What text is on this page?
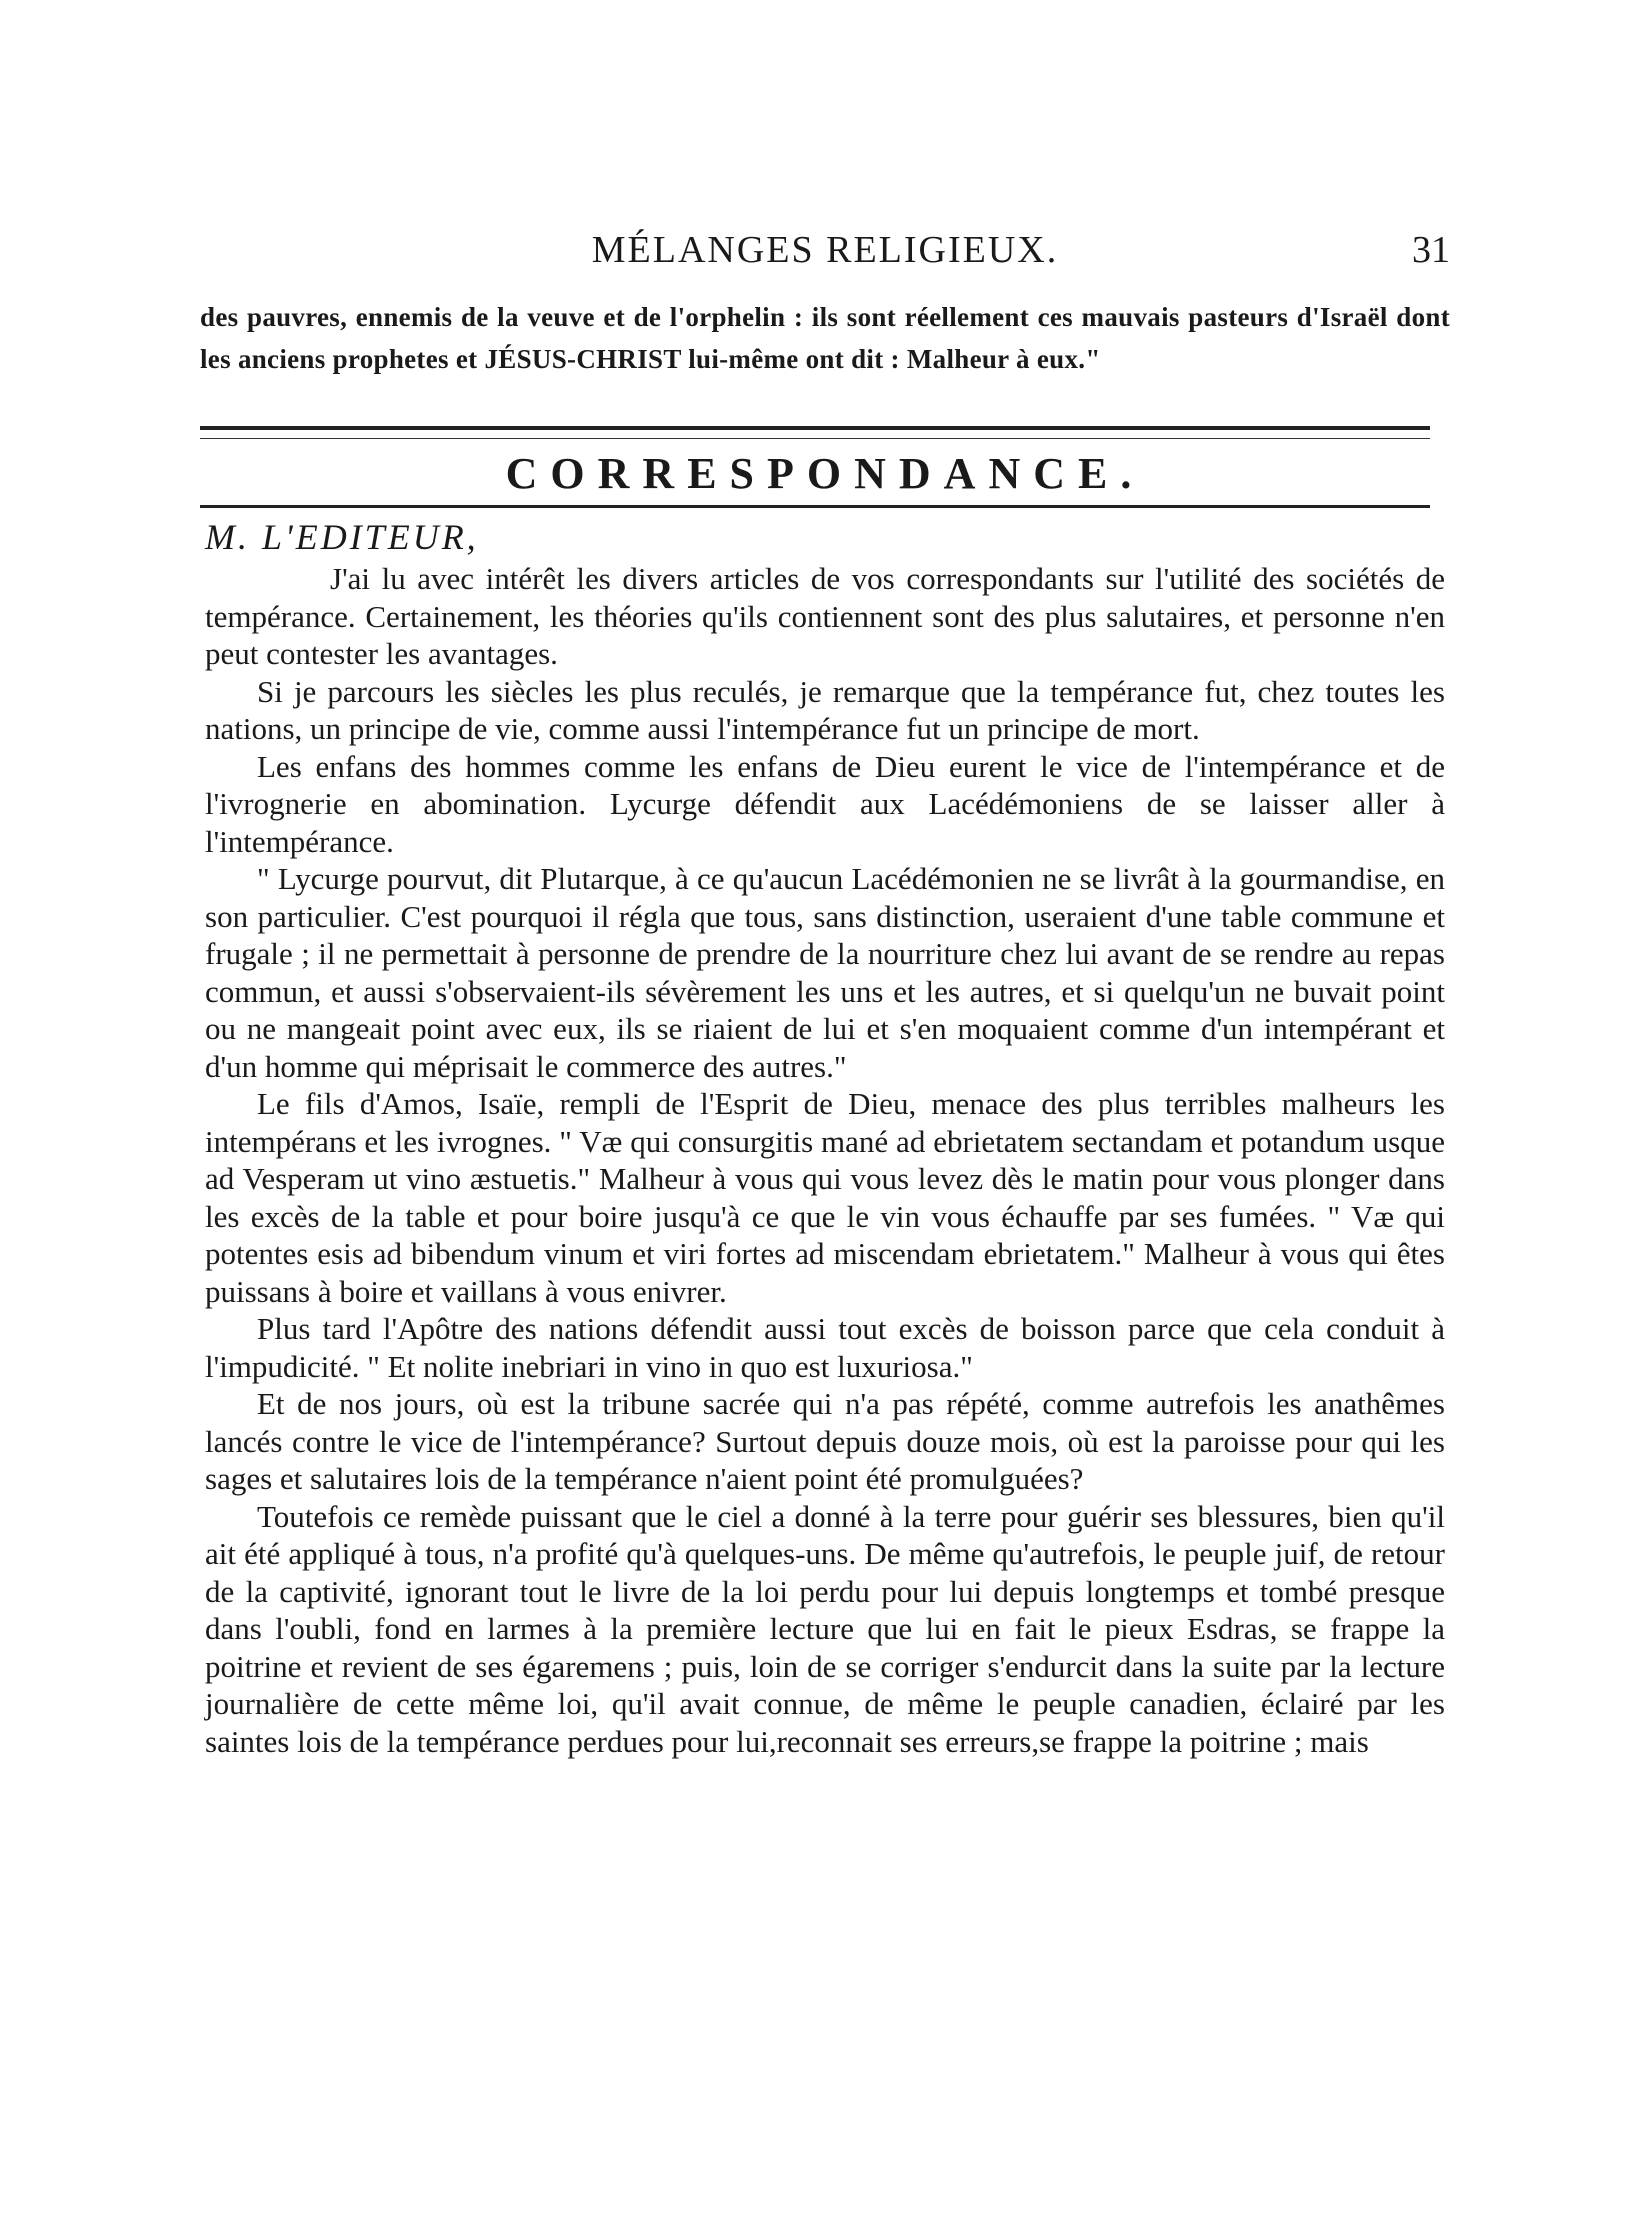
MÉLANGES RELIGIEUX.	31
des pauvres, ennemis de la veuve et de l'orphelin : ils sont réellement ces mauvais pasteurs d'Israël dont les anciens prophetes et JÉSUS-CHRIST lui-même ont dit : Malheur à eux."
CORRESPONDANCE.
M. L'EDITEUR,

J'ai lu avec intérêt les divers articles de vos correspondants sur l'utilité des sociétés de tempérance. Certainement, les théories qu'ils contiennent sont des plus salutaires, et personne n'en peut contester les avantages.

Si je parcours les siècles les plus reculés, je remarque que la tempérance fut, chez toutes les nations, un principe de vie, comme aussi l'intempérance fut un principe de mort.

Les enfans des hommes comme les enfans de Dieu eurent le vice de l'intempérance et de l'ivrognerie en abomination. Lycurge défendit aux Lacédémoniens de se laisser aller à l'intempérance.

" Lycurge pourvut, dit Plutarque, à ce qu'aucun Lacédémonien ne se livrât à la gourmandise, en son particulier. C'est pourquoi il régla que tous, sans distinction, useraient d'une table commune et frugale ; il ne permettait à personne de prendre de la nourriture chez lui avant de se rendre au repas commun, et aussi s'observaient-ils sévèrement les uns et les autres, et si quelqu'un ne buvait point ou ne mangeait point avec eux, ils se riaient de lui et s'en moquaient comme d'un intempérant et d'un homme qui méprisait le commerce des autres."

Le fils d'Amos, Isaïe, rempli de l'Esprit de Dieu, menace des plus terribles malheurs les intempérans et les ivrognes. " Væ qui consurgitis mané ad ebrietatem sectandam et potandum usque ad Vesperam ut vino æstuetis." Malheur à vous qui vous levez dès le matin pour vous plonger dans les excès de la table et pour boire jusqu'à ce que le vin vous échauffe par ses fumées. " Væ qui potentes esis ad bibendum vinum et viri fortes ad miscendam ebrietatem." Malheur à vous qui êtes puissans à boire et vaillans à vous enivrer.

Plus tard l'Apôtre des nations défendit aussi tout excès de boisson parce que cela conduit à l'impudicité. " Et nolite inebriari in vino in quo est luxuriosa."

Et de nos jours, où est la tribune sacrée qui n'a pas répété, comme autrefois les anathêmes lancés contre le vice de l'intempérance? Surtout depuis douze mois, où est la paroisse pour qui les sages et salutaires lois de la tempérance n'aient point été promulguées?

Toutefois ce remède puissant que le ciel a donné à la terre pour guérir ses blessures, bien qu'il ait été appliqué à tous, n'a profité qu'à quelques-uns. De même qu'autrefois, le peuple juif, de retour de la captivité, ignorant tout le livre de la loi perdu pour lui depuis longtemps et tombé presque dans l'oubli, fond en larmes à la première lecture que lui en fait le pieux Esdras, se frappe la poitrine et revient de ses égaremens ; puis, loin de se corriger s'endurcit dans la suite par la lecture journalière de cette même loi, qu'il avait connue, de même le peuple canadien, éclairé par les saintes lois de la tempérance perdues pour lui,reconnait ses erreurs,se frappe la poitrine ; mais
